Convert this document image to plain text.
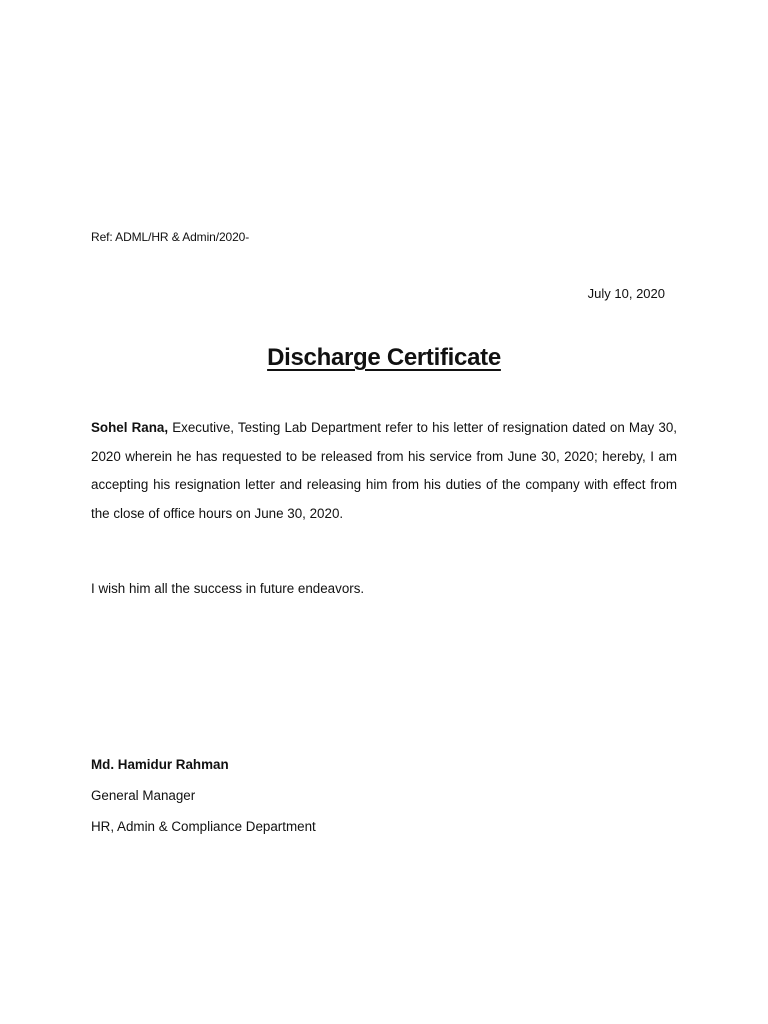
Ref: ADML/HR & Admin/2020-
July 10, 2020
Discharge Certificate

Sohel Rana, Executive, Testing Lab Department refer to his letter of resignation dated on May 30, 2020 wherein he has requested to be released from his service from June 30, 2020; hereby, I am accepting his resignation letter and releasing him from his duties of the company with effect from the close of office hours on June 30, 2020.

I wish him all the success in future endeavors.
Md. Hamidur Rahman
General Manager
HR, Admin & Compliance Department
